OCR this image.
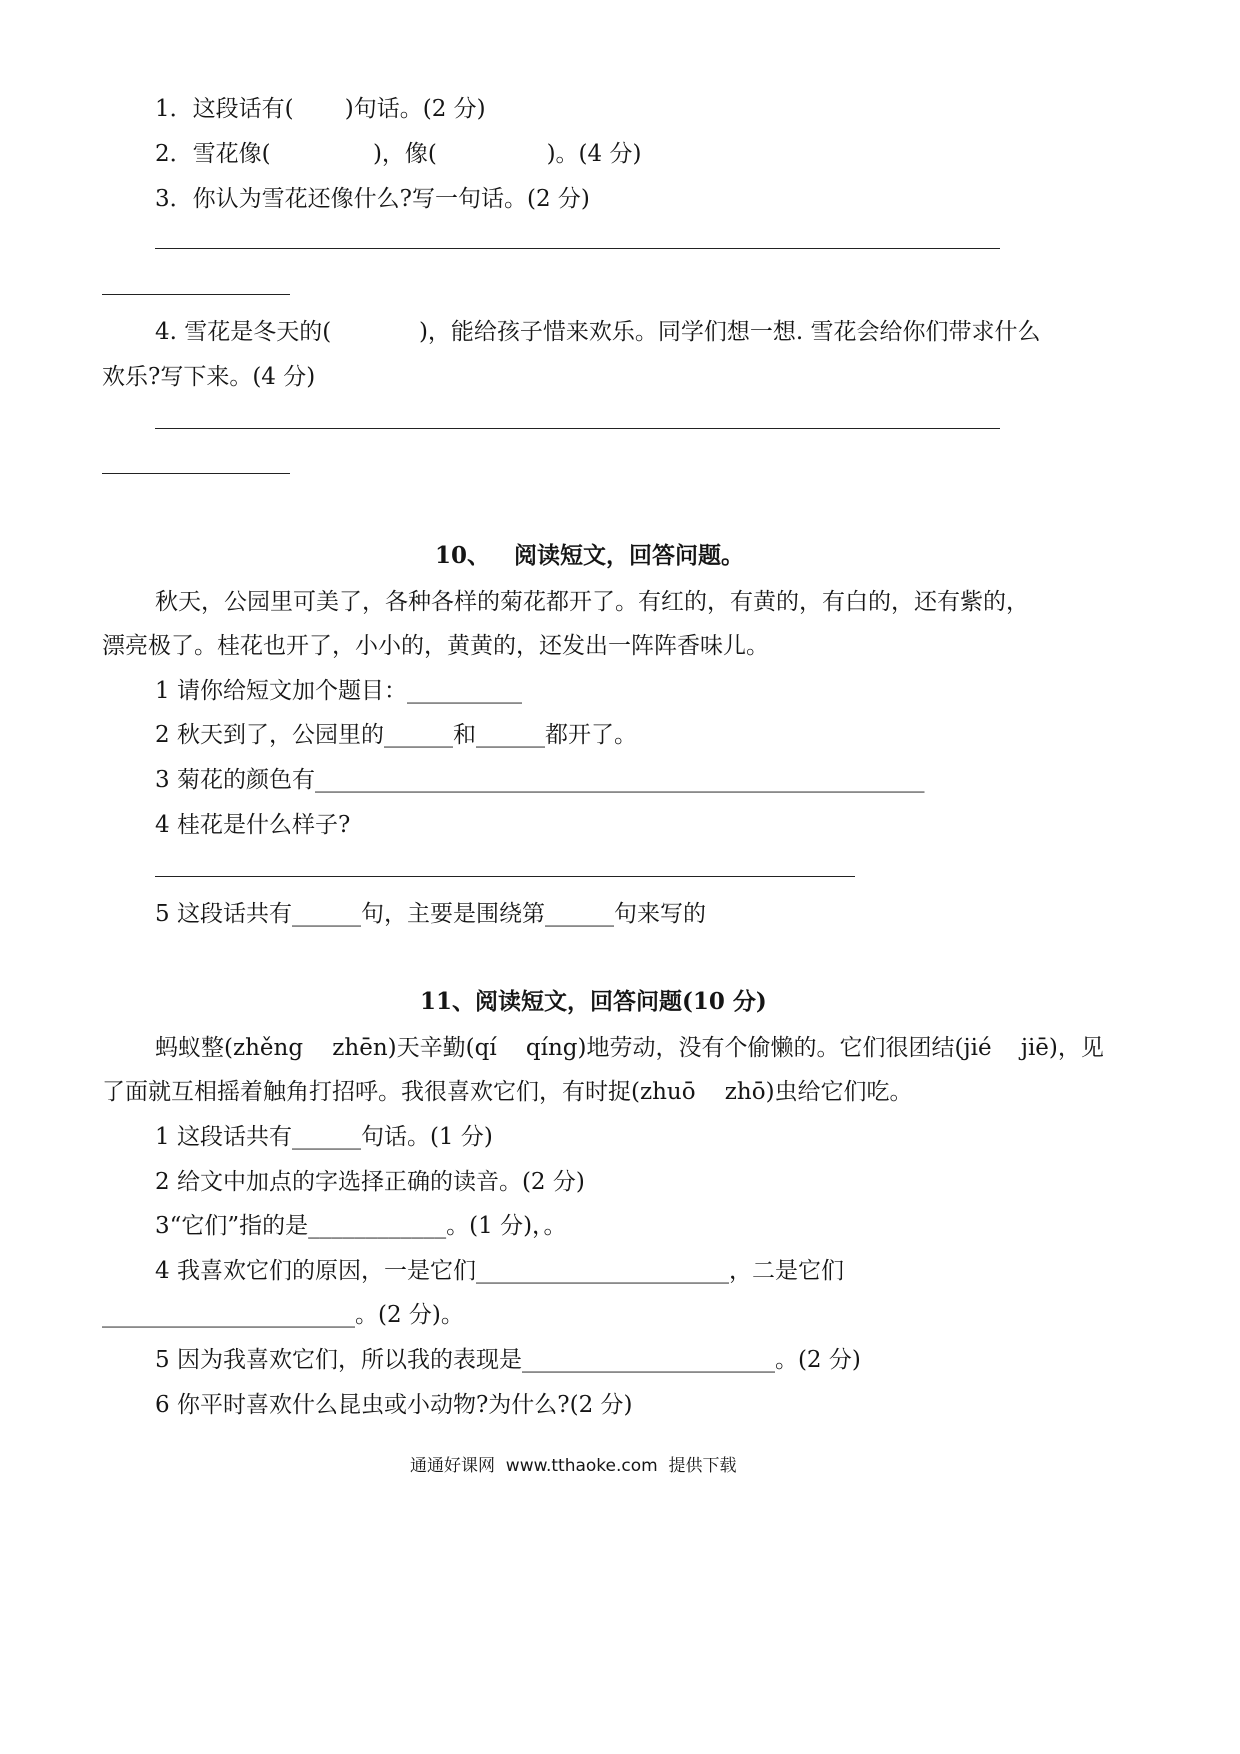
1．这段话有(       )句话。(2 分)
2．雪花像(              )，像(               )。(4 分)
3．你认为雪花还像什么?写一句话。(2 分)
4. 雪花是冬天的(            )，能给孩子惜来欢乐。同学们想一想. 雪花会给你们带求什么
欢乐?写下来。(4 分)
10、   阅读短文，回答问题。
秋天，公园里可美了，各种各样的菊花都开了。有红的，有黄的，有白的，还有紫的，
漂亮极了。桂花也开了，小小的，黄黄的，还发出一阵阵香味儿。
1 请你给短文加个题目：__________
2 秋天到了，公园里的______和______都开了。
3 菊花的颜色有_____________________________________________________
4 桂花是什么样子?
5 这段话共有______句，主要是围绕第______句来写的
11、阅读短文，回答问题(10 分)
蚂蚁整(zhěng    zhēn)天辛勤(qí    qíng)地劳动，没有个偷懒的。它们很团结(jié    jiē)，见
了面就互相摇着触角打招呼。我很喜欢它们，有时捉(zhuō    zhō)虫给它们吃。
1 这段话共有______句话。(1 分)
2 给文中加点的字选择正确的读音。(2 分)
3“它们”指的是____________。(1 分)，。
4 我喜欢它们的原因，一是它们______________________，二是它们
______________________。(2 分)。
5 因为我喜欢它们，所以我的表现是______________________。(2 分)
6 你平时喜欢什么昆虫或小动物?为什么?(2 分)
通通好课网  www.tthaoke.com  提供下载
